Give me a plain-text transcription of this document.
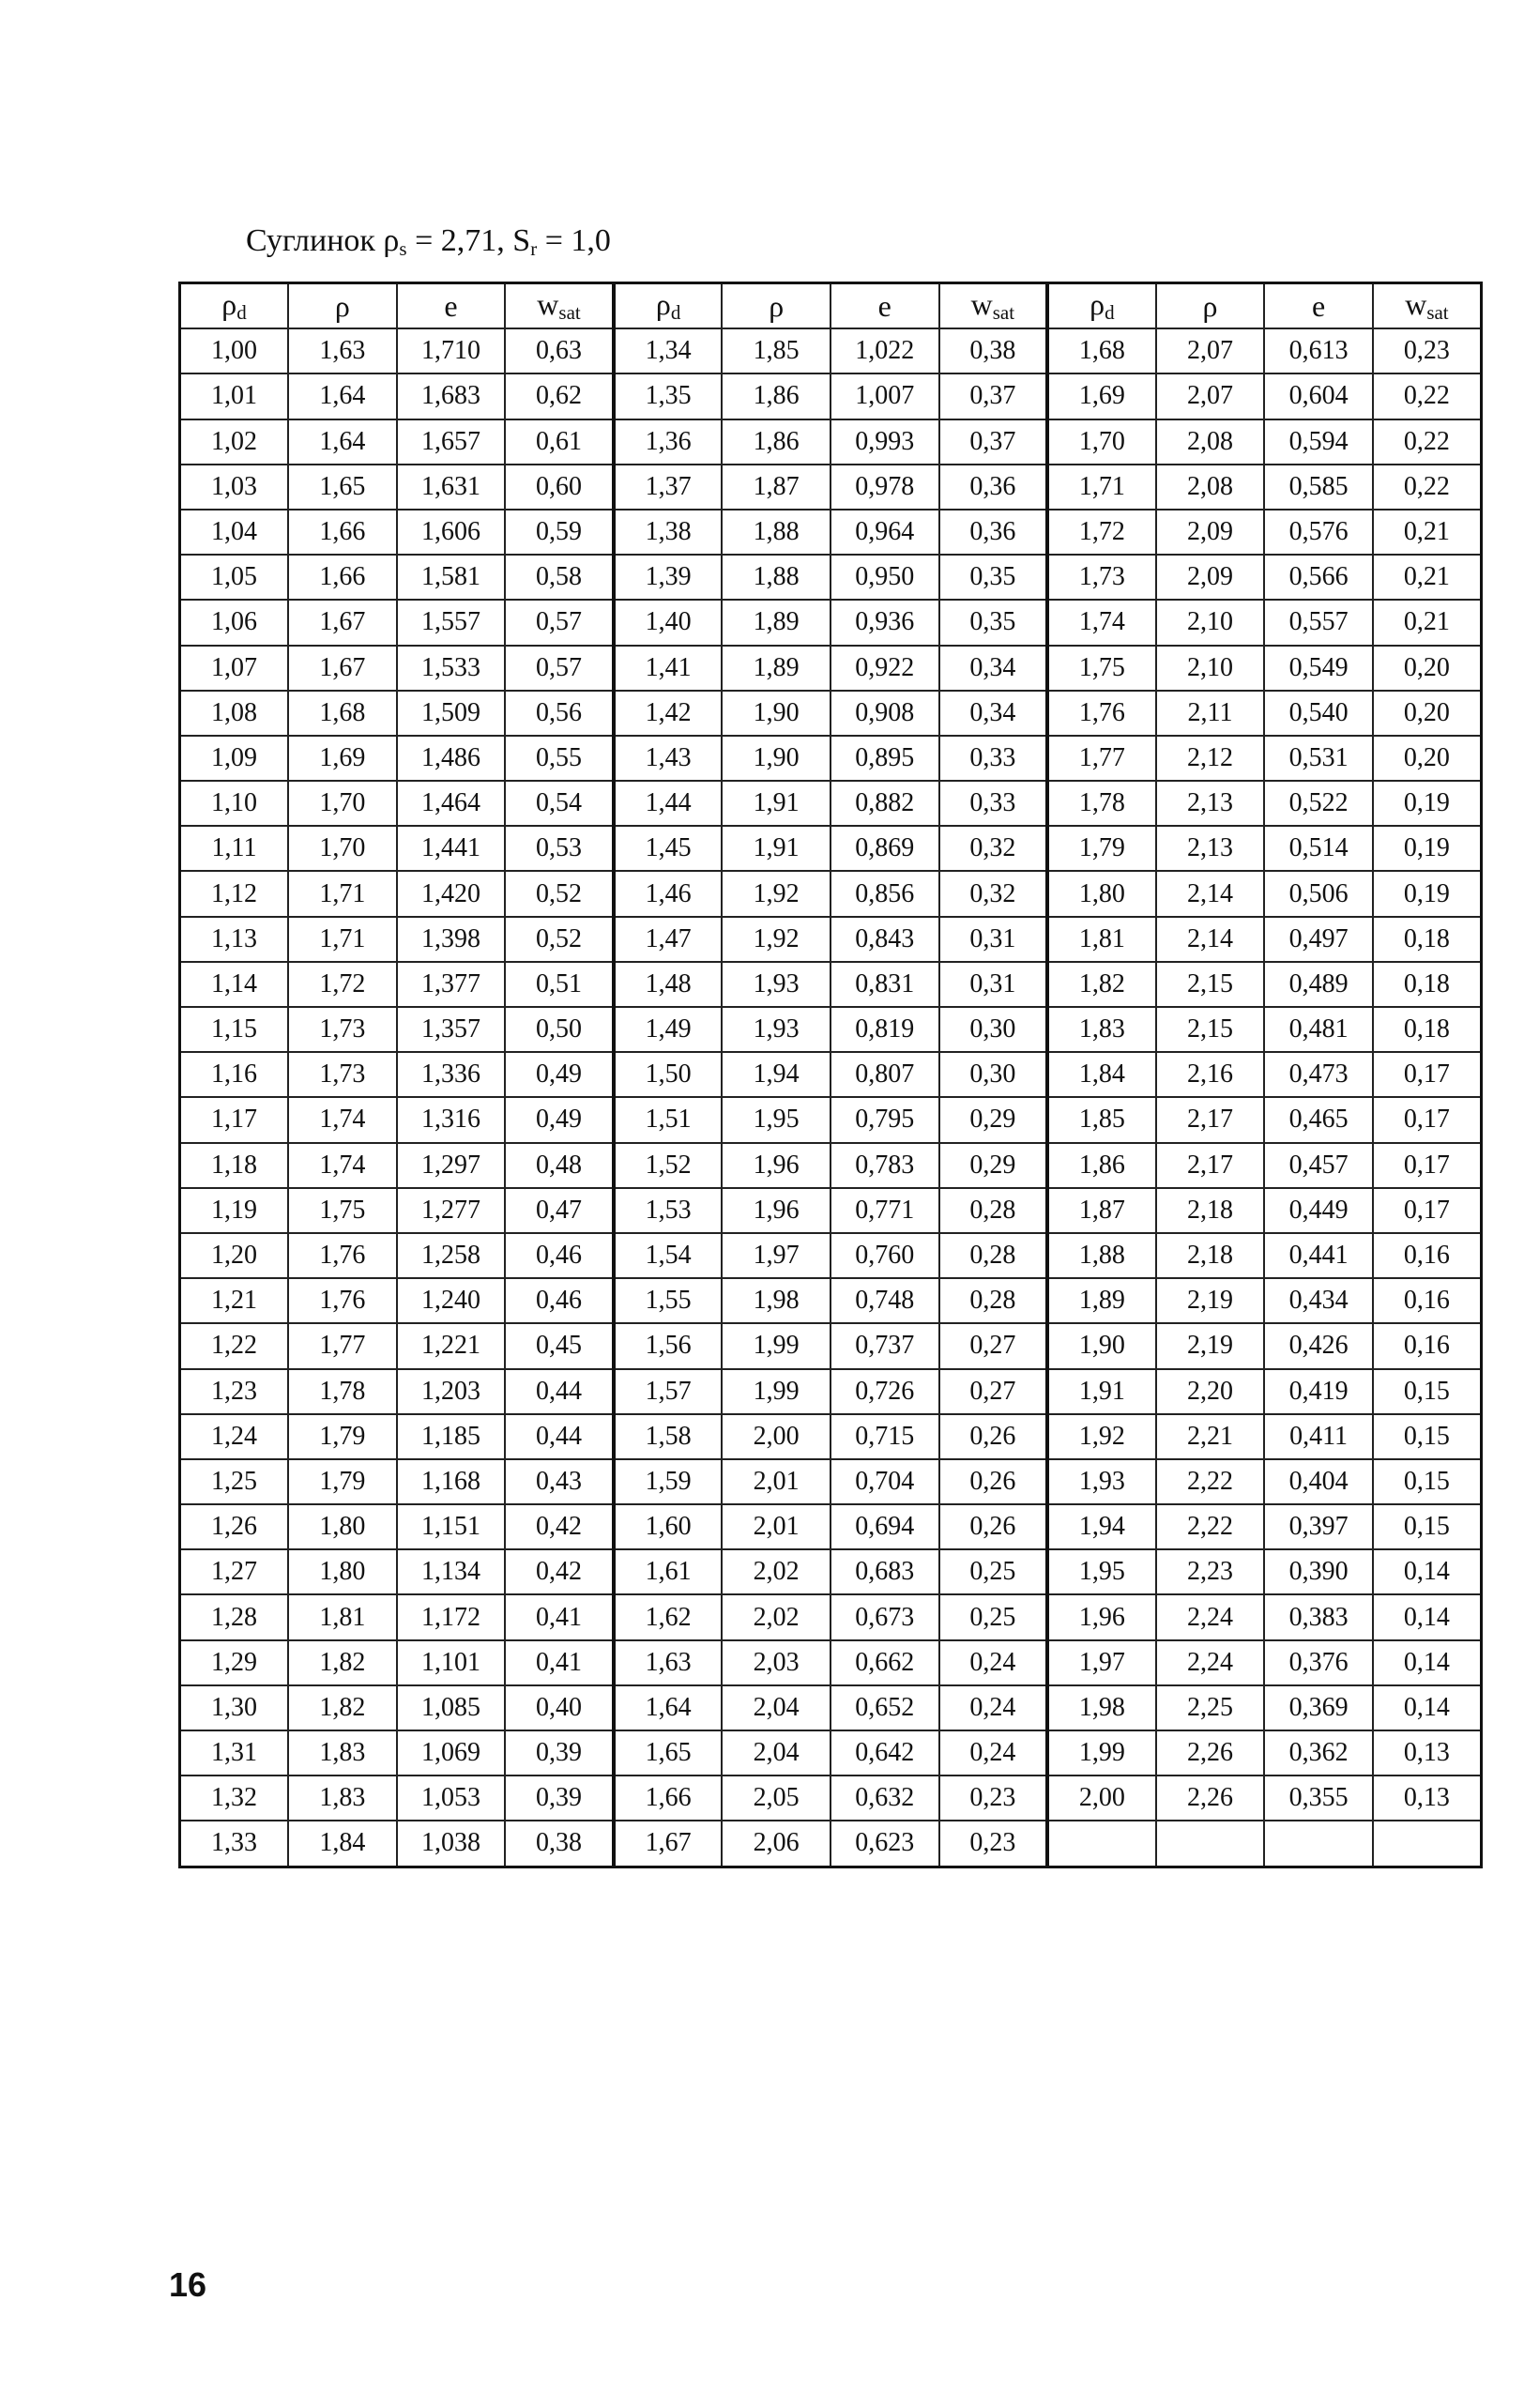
Суглинок $\rho_s = 2,71$, $S_r = 1,0$
$\rho_d$	ρ	e	$w_{sat}$	$\rho_d$	ρ	e	$w_{sat}$	$\rho_d$	ρ	e	$w_{sat}$
1,00	1,63	1,710	0,63	1,34	1,85	1,022	0,38	1,68	2,07	0,613	0,23
1,01	1,64	1,683	0,62	1,35	1,86	1,007	0,37	1,69	2,07	0,604	0,22
1,02	1,64	1,657	0,61	1,36	1,86	0,993	0,37	1,70	2,08	0,594	0,22
1,03	1,65	1,631	0,60	1,37	1,87	0,978	0,36	1,71	2,08	0,585	0,22
1,04	1,66	1,606	0,59	1,38	1,88	0,964	0,36	1,72	2,09	0,576	0,21
1,05	1,66	1,581	0,58	1,39	1,88	0,950	0,35	1,73	2,09	0,566	0,21
1,06	1,67	1,557	0,57	1,40	1,89	0,936	0,35	1,74	2,10	0,557	0,21
1,07	1,67	1,533	0,57	1,41	1,89	0,922	0,34	1,75	2,10	0,549	0,20
1,08	1,68	1,509	0,56	1,42	1,90	0,908	0,34	1,76	2,11	0,540	0,20
1,09	1,69	1,486	0,55	1,43	1,90	0,895	0,33	1,77	2,12	0,531	0,20
1,10	1,70	1,464	0,54	1,44	1,91	0,882	0,33	1,78	2,13	0,522	0,19
1,11	1,70	1,441	0,53	1,45	1,91	0,869	0,32	1,79	2,13	0,514	0,19
1,12	1,71	1,420	0,52	1,46	1,92	0,856	0,32	1,80	2,14	0,506	0,19
1,13	1,71	1,398	0,52	1,47	1,92	0,843	0,31	1,81	2,14	0,497	0,18
1,14	1,72	1,377	0,51	1,48	1,93	0,831	0,31	1,82	2,15	0,489	0,18
1,15	1,73	1,357	0,50	1,49	1,93	0,819	0,30	1,83	2,15	0,481	0,18
1,16	1,73	1,336	0,49	1,50	1,94	0,807	0,30	1,84	2,16	0,473	0,17
1,17	1,74	1,316	0,49	1,51	1,95	0,795	0,29	1,85	2,17	0,465	0,17
1,18	1,74	1,297	0,48	1,52	1,96	0,783	0,29	1,86	2,17	0,457	0,17
1,19	1,75	1,277	0,47	1,53	1,96	0,771	0,28	1,87	2,18	0,449	0,17
1,20	1,76	1,258	0,46	1,54	1,97	0,760	0,28	1,88	2,18	0,441	0,16
1,21	1,76	1,240	0,46	1,55	1,98	0,748	0,28	1,89	2,19	0,434	0,16
1,22	1,77	1,221	0,45	1,56	1,99	0,737	0,27	1,90	2,19	0,426	0,16
1,23	1,78	1,203	0,44	1,57	1,99	0,726	0,27	1,91	2,20	0,419	0,15
1,24	1,79	1,185	0,44	1,58	2,00	0,715	0,26	1,92	2,21	0,411	0,15
1,25	1,79	1,168	0,43	1,59	2,01	0,704	0,26	1,93	2,22	0,404	0,15
1,26	1,80	1,151	0,42	1,60	2,01	0,694	0,26	1,94	2,22	0,397	0,15
1,27	1,80	1,134	0,42	1,61	2,02	0,683	0,25	1,95	2,23	0,390	0,14
1,28	1,81	1,172	0,41	1,62	2,02	0,673	0,25	1,96	2,24	0,383	0,14
1,29	1,82	1,101	0,41	1,63	2,03	0,662	0,24	1,97	2,24	0,376	0,14
1,30	1,82	1,085	0,40	1,64	2,04	0,652	0,24	1,98	2,25	0,369	0,14
1,31	1,83	1,069	0,39	1,65	2,04	0,642	0,24	1,99	2,26	0,362	0,13
1,32	1,83	1,053	0,39	1,66	2,05	0,632	0,23	2,00	2,26	0,355	0,13
1,33	1,84	1,038	0,38	1,67	2,06	0,623	0,23				
16
